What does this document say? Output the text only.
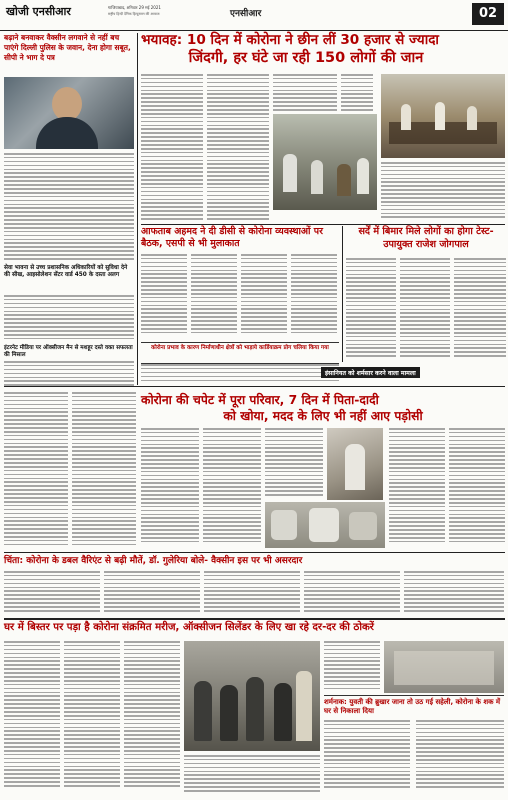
खोजी एनसीआर	गाजियाबाद, शनिवार 29 मई 2021
राष्ट्रीय हिन्दी दैनिक हिन्दुस्तान की आवाज	एनसीआर	02
बढ़ाने बनवाकर वैक्सीन लगवाने से नहीं बच पाएंगे दिल्ली पुलिस के जवान, देना होगा सबूत, सीपी ने भाग दे पत्र
सेवा भावना से उच्च प्रशासनिक अधिकारियों को सुविधा देने की सीख, आइसोलेशन सेंटर वार्ड 450 के दस्ता अलग
इंटरनेट मीडिया पर ऑक्सीजन मैन से मशहूर दस्ते वक्त सफलता की मिसाल
भयावह: 10 दिन में कोरोना ने छीन लीं 30 हजार से ज्यादा
जिंदगी, हर घंटे जा रही 150 लोगों की जान
आफताब अहमद ने दी डीसी से कोरोना व्यवस्थाओं पर बैठक, एसपी से भी मुलाकात
सर्दें में बिमार मिले लोगों का होगा टेस्ट- उपायुक्त राजेश जोगपाल
कोरोना प्रभाव के कारण निर्माणाधीन क्षेत्रों को भाड़ाये कार्डियाक्रम प्रोग चलिया किया गया
इंसानियत को शर्मसार करने वाला मामला
कोरोना की चपेट में पूरा परिवार, 7 दिन में पिता-दादी
को खोया, मदद के लिए भी नहीं आए पड़ोसी
चिंता: कोरोना के डबल वैरिएंट से बढ़ी मौतें, डॉ. गुलेरिया बोले- वैक्सीन इस पर भी असरदार
घर में बिस्तर पर पड़ा है कोरोना संक्रमित मरीज, ऑक्सीजन सिलेंडर के लिए खा रहे दर-दर की ठोकरें
शर्मनाक: युवती की ब्रुखार जाना तो उठ गई सहेली, कोरोना के शक में घर से निकाला दिया
